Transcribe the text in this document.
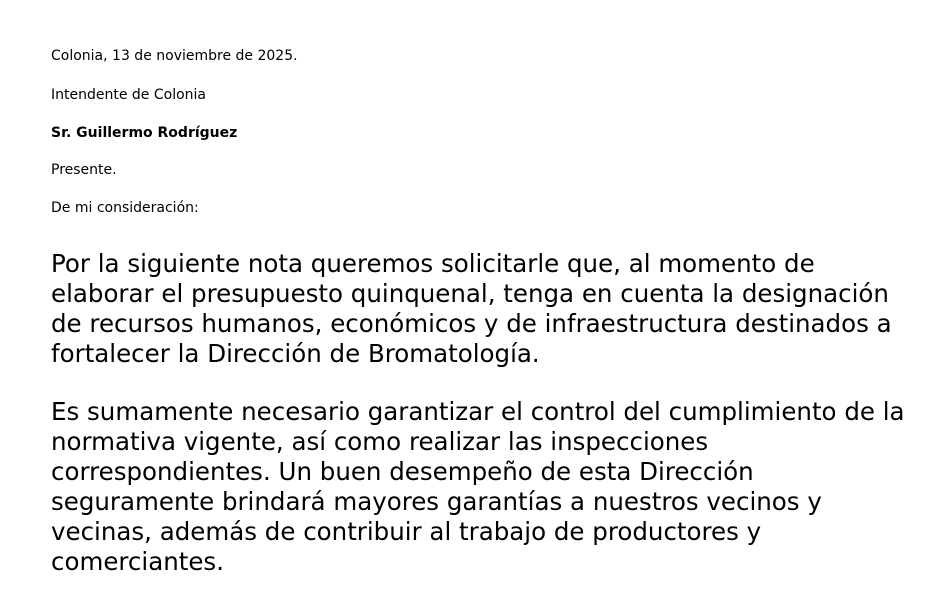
Colonia, 13 de noviembre de 2025.
Intendente de Colonia
Sr. Guillermo Rodríguez
Presente.
De mi consideración:
Por la siguiente nota queremos solicitarle que, al momento de
elaborar el presupuesto quinquenal, tenga en cuenta la designación
de recursos humanos, económicos y de infraestructura destinados a
fortalecer la Dirección de Bromatología.
Es sumamente necesario garantizar el control del cumplimiento de la
normativa vigente, así como realizar las inspecciones
correspondientes. Un buen desempeño de esta Dirección
seguramente brindará mayores garantías a nuestros vecinos y
vecinas, además de contribuir al trabajo de productores y
comerciantes.
